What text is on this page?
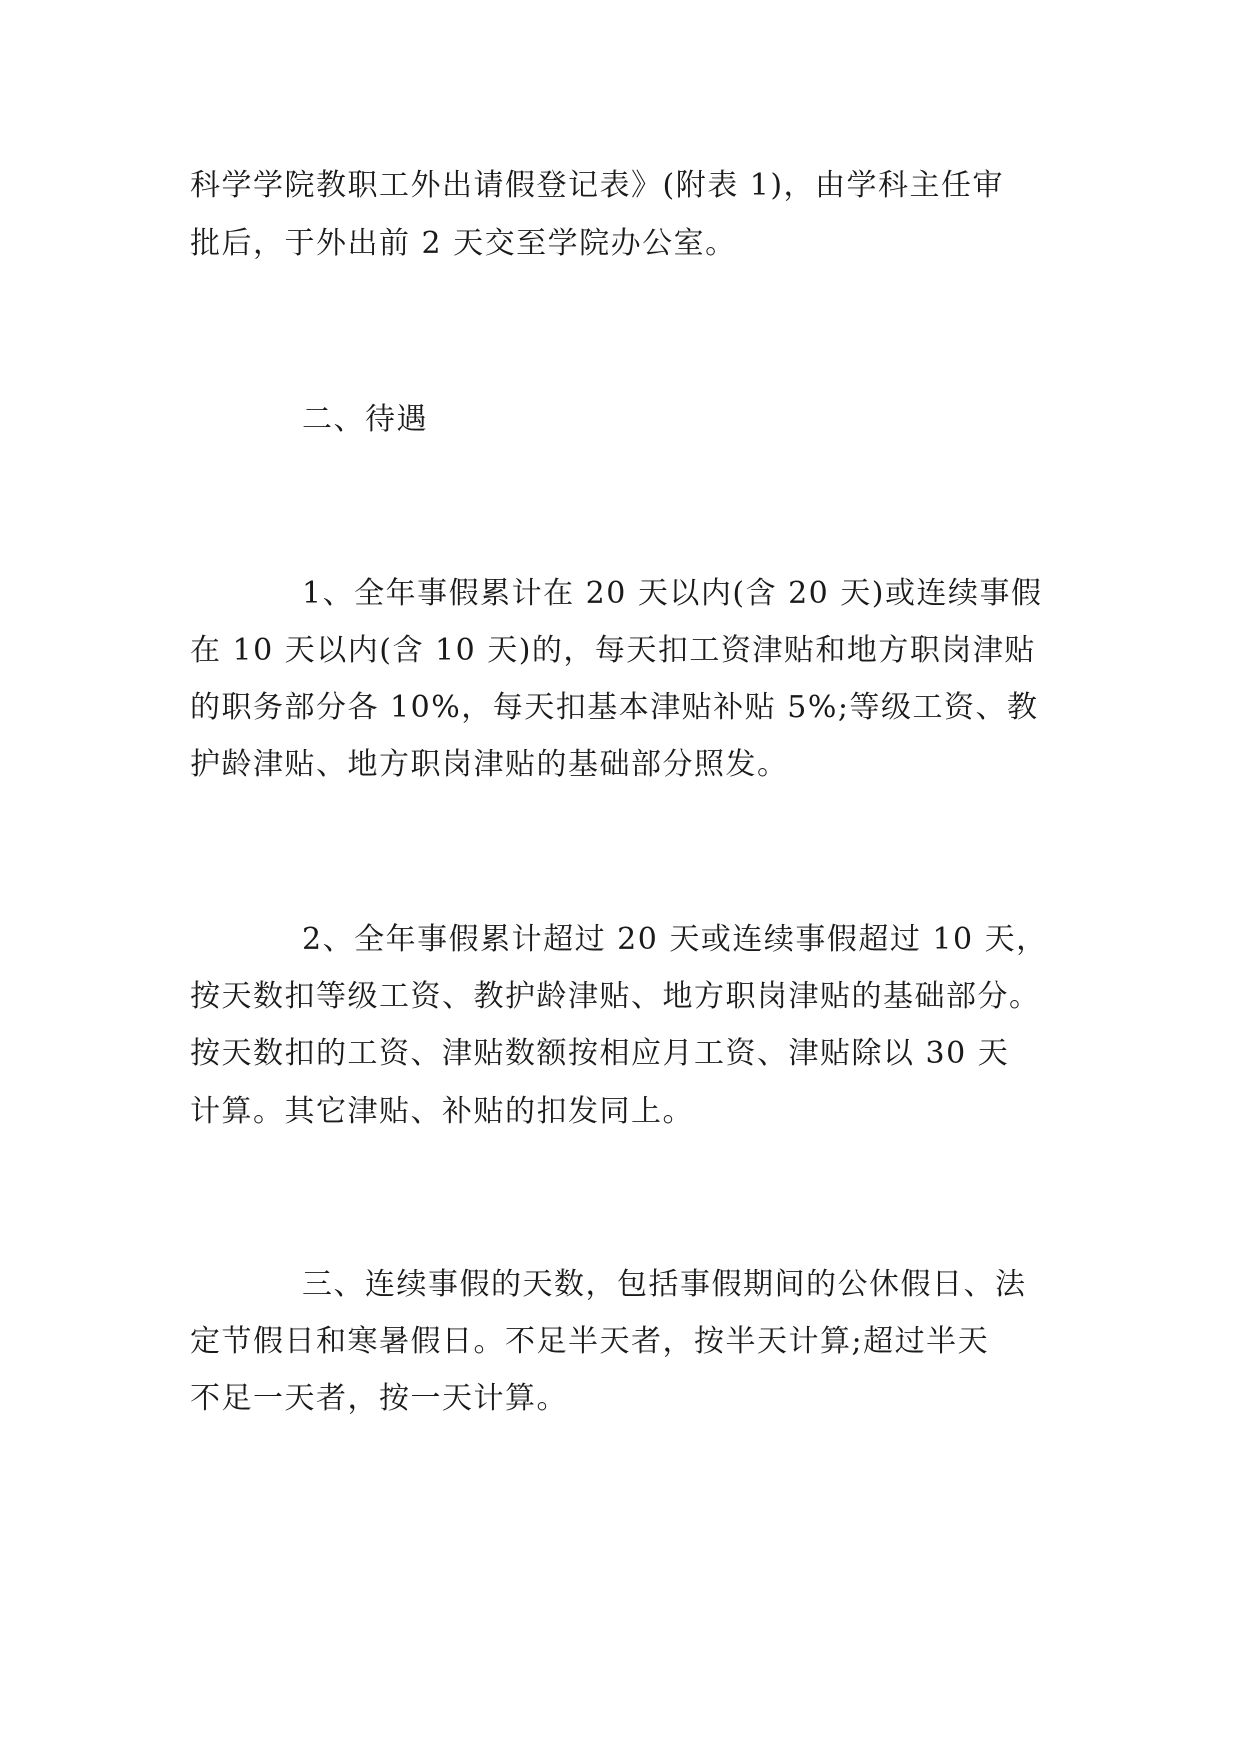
科学学院教职工外出请假登记表》(附表 1)，由学科主任审
批后，于外出前 2 天交至学院办公室。
二、待遇
1、全年事假累计在 20 天以内(含 20 天)或连续事假
在 10 天以内(含 10 天)的，每天扣工资津贴和地方职岗津贴
的职务部分各 10%，每天扣基本津贴补贴 5%;等级工资、教
护龄津贴、地方职岗津贴的基础部分照发。
2、全年事假累计超过 20 天或连续事假超过 10 天，
按天数扣等级工资、教护龄津贴、地方职岗津贴的基础部分。
按天数扣的工资、津贴数额按相应月工资、津贴除以 30 天
计算。其它津贴、补贴的扣发同上。
三、连续事假的天数，包括事假期间的公休假日、法
定节假日和寒暑假日。不足半天者，按半天计算;超过半天
不足一天者，按一天计算。
